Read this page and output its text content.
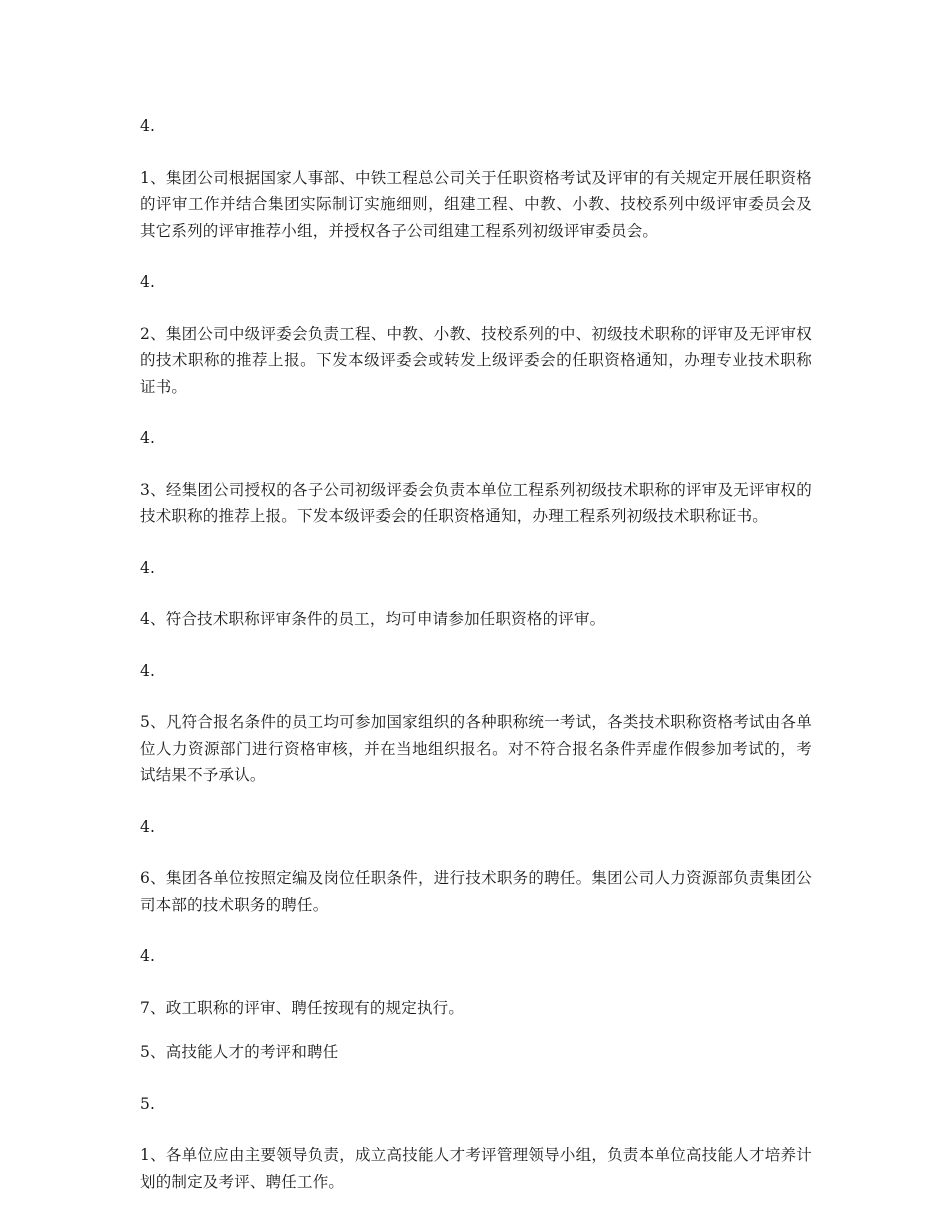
4.

1、集团公司根据国家人事部、中铁工程总公司关于任职资格考试及评审的有关规定开展任职资格的评审工作并结合集团实际制订实施细则，组建工程、中教、小教、技校系列中级评审委员会及其它系列的评审推荐小组，并授权各子公司组建工程系列初级评审委员会。

4.

2、集团公司中级评委会负责工程、中教、小教、技校系列的中、初级技术职称的评审及无评审权的技术职称的推荐上报。下发本级评委会或转发上级评委会的任职资格通知，办理专业技术职称证书。

4.

3、经集团公司授权的各子公司初级评委会负责本单位工程系列初级技术职称的评审及无评审权的技术职称的推荐上报。下发本级评委会的任职资格通知，办理工程系列初级技术职称证书。

4.

4、符合技术职称评审条件的员工，均可申请参加任职资格的评审。

4.

5、凡符合报名条件的员工均可参加国家组织的各种职称统一考试，各类技术职称资格考试由各单位人力资源部门进行资格审核，并在当地组织报名。对不符合报名条件弄虚作假参加考试的，考试结果不予承认。

4.

6、集团各单位按照定编及岗位任职条件，进行技术职务的聘任。集团公司人力资源部负责集团公司本部的技术职务的聘任。

4.

7、政工职称的评审、聘任按现有的规定执行。

5、高技能人才的考评和聘任

5.

1、各单位应由主要领导负责，成立高技能人才考评管理领导小组，负责本单位高技能人才培养计划的制定及考评、聘任工作。
